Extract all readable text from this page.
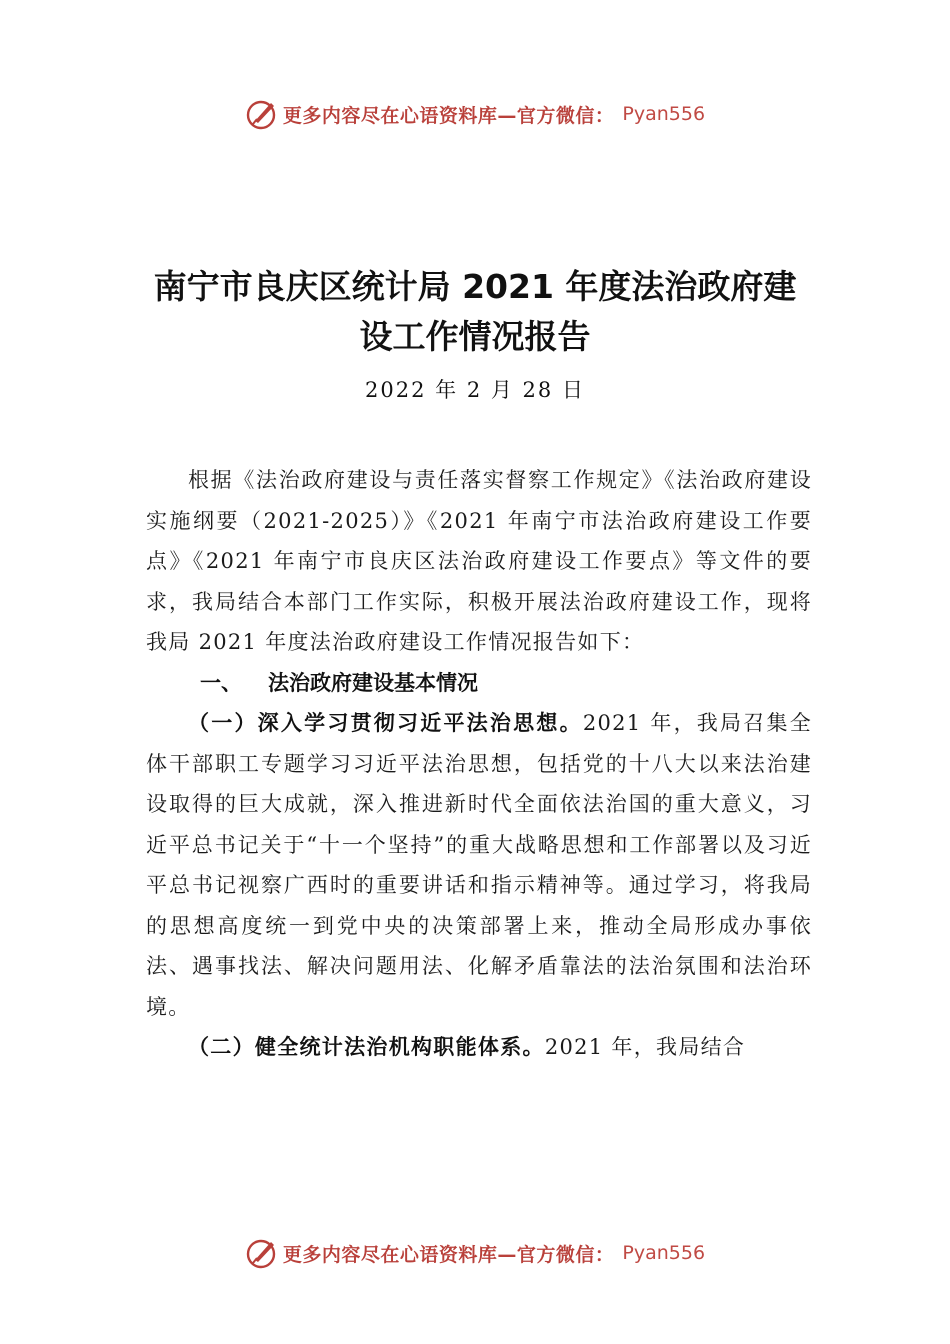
更多内容尽在心语资料库—官方微信： Pyan556
南宁市良庆区统计局 2021 年度法治政府建
设工作情况报告
2022 年 2 月 28 日

根据《法治政府建设与责任落实督察工作规定》《法治政府建设实施纲要（2021-2025）》《2021 年南宁市法治政府建设工作要点》《2021 年南宁市良庆区法治政府建设工作要点》等文件的要求，我局结合本部门工作实际，积极开展法治政府建设工作，现将我局 2021 年度法治政府建设工作情况报告如下：

一、 法治政府建设基本情况

（一）深入学习贯彻习近平法治思想。2021 年，我局召集全体干部职工专题学习习近平法治思想，包括党的十八大以来法治建设取得的巨大成就，深入推进新时代全面依法治国的重大意义，习近平总书记关于“十一个坚持”的重大战略思想和工作部署以及习近平总书记视察广西时的重要讲话和指示精神等。通过学习，将我局的思想高度统一到党中央的决策部署上来，推动全局形成办事依法、遇事找法、解决问题用法、化解矛盾靠法的法治氛围和法治环境。

（二）健全统计法治机构职能体系。2021 年，我局结合

更多内容尽在心语资料库—官方微信： Pyan556
